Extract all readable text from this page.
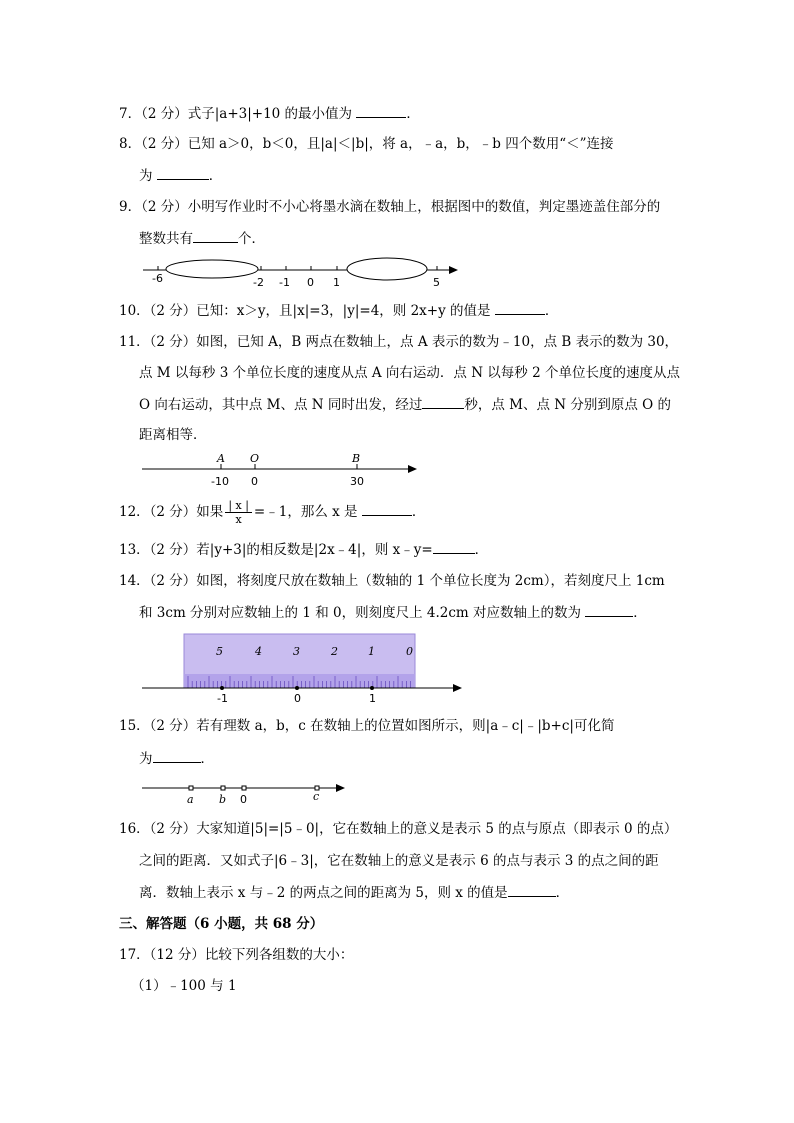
7．（2 分）式子|a+3|+10 的最小值为	．
8．（2 分）已知 a＞0，b＜0，且|a|＜|b|，将 a，﹣a，b，﹣b 四个数用“＜”连接
为	．
9．（2 分）小明写作业时不小心将墨水滴在数轴上，根据图中的数值，判定墨迹盖住部分的
整数共有	个．
-6	-2 -1 0 1	5
10．（2 分）已知：x＞y，且|x|=3，|y|=4，则 2x+y 的值是	．
11．（2 分）如图，已知 A，B 两点在数轴上，点 A 表示的数为﹣10，点 B 表示的数为 30，
点 M 以每秒 3 个单位长度的速度从点 A 向右运动．点 N 以每秒 2 个单位长度的速度从点
O 向右运动，其中点 M、点 N 同时出发，经过	秒，点 M、点 N 分别到原点 O 的
距离相等．
A O	B
-10 0	30
12．（2 分）如果 $\frac{| x |}{x}$ =﹣1，那么 x 是	．
13．（2 分）若|y+3|的相反数是|2x﹣4|，则 x﹣y=	．
14．（2 分）如图，将刻度尺放在数轴上（数轴的 1 个单位长度为 2cm），若刻度尺上 1cm
和 3cm 分别对应数轴上的 1 和 0，则刻度尺上 4.2cm 对应数轴上的数为	．
5	4	3	2	1	0
-1	0	1
15．（2 分）若有理数 a，b，c 在数轴上的位置如图所示，则|a﹣c|﹣|b+c|可化简
为	．
a b 0	c
16．（2 分）大家知道|5|=|5﹣0|，它在数轴上的意义是表示 5 的点与原点（即表示 0 的点）
之间的距离．又如式子|6﹣3|，它在数轴上的意义是表示 6 的点与表示 3 的点之间的距
离．数轴上表示 x 与﹣2 的两点之间的距离为 5，则 x 的值是	．
三、解答题（6 小题，共 68 分）
17．（12 分）比较下列各组数的大小：
（1）﹣100 与 1
